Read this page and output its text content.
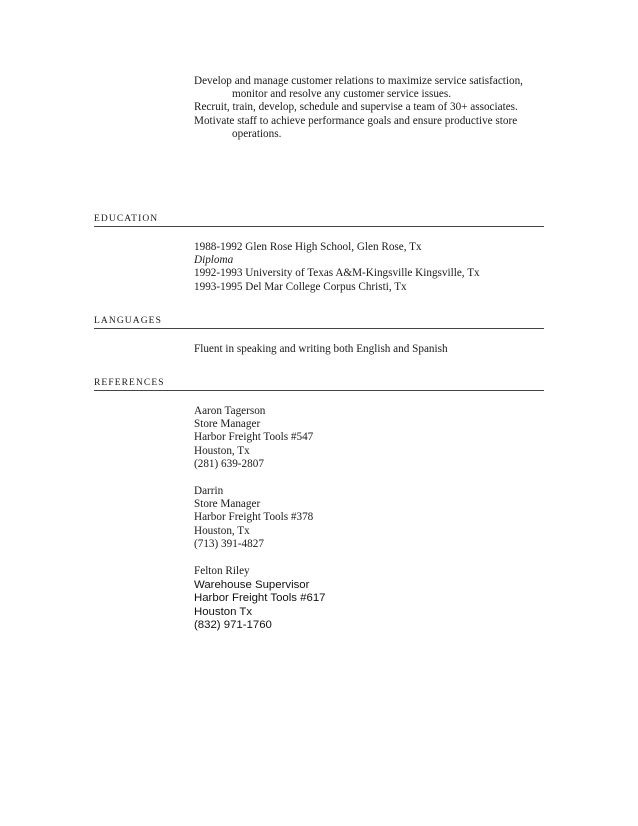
Develop and manage customer relations to maximize service satisfaction, monitor and resolve any customer service issues.

Recruit, train, develop, schedule and supervise a team of 30+ associates.

Motivate staff to achieve performance goals and ensure productive store operations.

EDUCATION

1988-1992 Glen Rose High School, Glen Rose, Tx

Diploma

1992-1993 University of Texas A&M-Kingsville Kingsville, Tx

1993-1995 Del Mar College Corpus Christi, Tx

LANGUAGES

Fluent in speaking and writing both English and Spanish

REFERENCES

Aaron Tagerson

Store Manager

Harbor Freight Tools #547

Houston, Tx

(281) 639-2807

Darrin

Store Manager

Harbor Freight Tools #378

Houston, Tx

(713) 391-4827

Felton Riley

Warehouse Supervisor

Harbor Freight Tools #617

Houston Tx

(832) 971-1760
